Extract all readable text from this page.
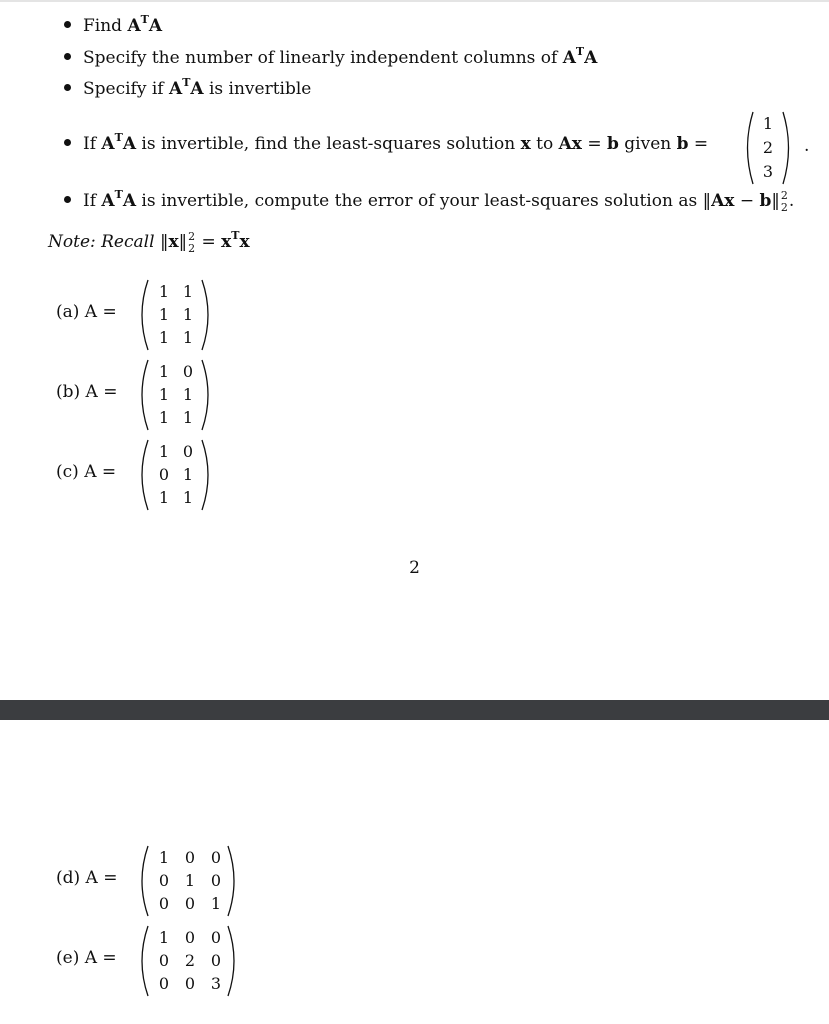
Find $A^TA$
Specify the number of linearly independent columns of $A^TA$
Specify if $A^TA$ is invertible
If $A^TA$ is invertible, find the least-squares solution x to Ax = b given b =
1
2
3
.
If $A^TA$ is invertible, compute the error of your least-squares solution as ‖Ax − b‖ 2
2 .
Note: Recall ‖x‖ 2
$2 = x^Tx$
(a) A =
1 1
1 1
1 1
(b) A =
1 0
1 1
1 1
(c) A =
1 0
0 1
1 1
2
(d) A =
1 0 0
0 1 0
0 0 1
(e) A =
1 0 0
0 2 0
0 0 3
